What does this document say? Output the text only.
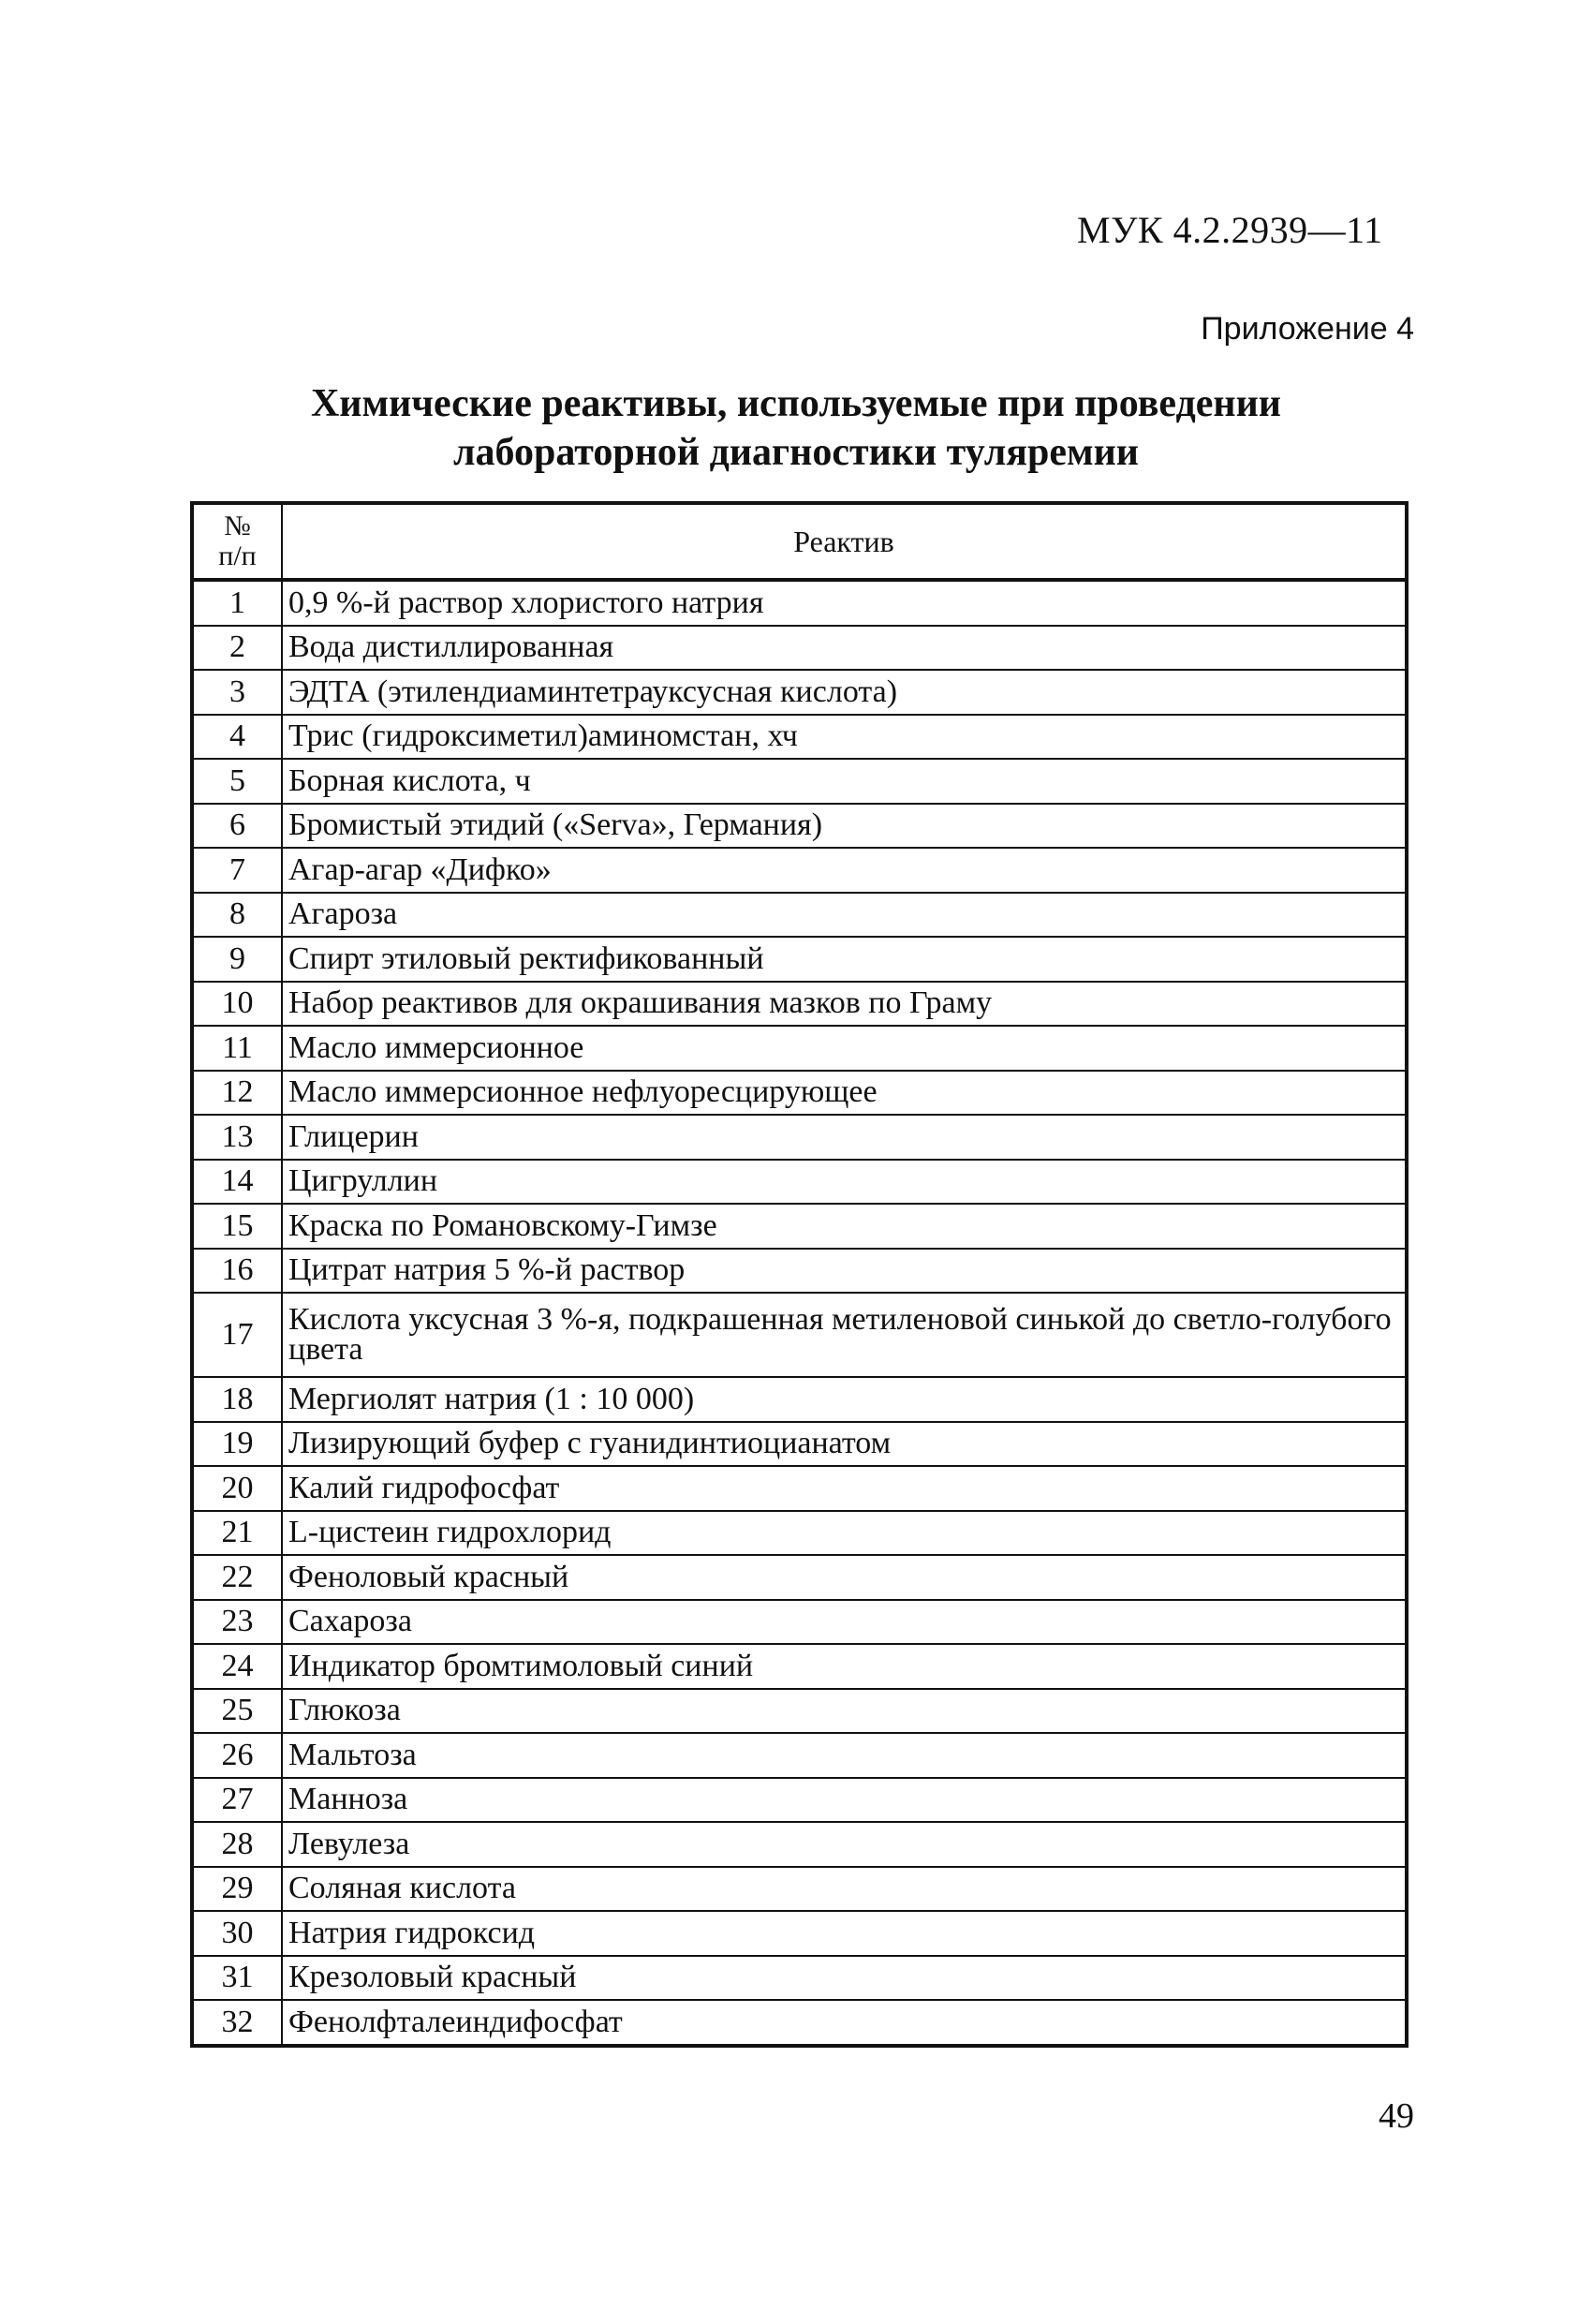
МУК 4.2.2939—11
Приложение 4
Химические реактивы, используемые при проведении
лабораторной диагностики туляремии
№
п/п	Реактив
1	0,9 %-й раствор хлористого натрия
2	Вода дистиллированная
3	ЭДТА (этилендиаминтетрауксусная кислота)
4	Трис (гидроксиметил)аминомстан, хч
5	Борная кислота, ч
6	Бромистый этидий («Serva», Германия)
7	Агар-агар «Дифко»
8	Агароза
9	Спирт этиловый ректификованный
10	Набор реактивов для окрашивания мазков по Граму
11	Масло иммерсионное
12	Масло иммерсионное нефлуоресцирующее
13	Глицерин
14	Цигруллин
15	Краска по Романовскому-Гимзе
16	Цитрат натрия 5 %-й раствор
17	Кислота уксусная 3 %-я, подкрашенная метиленовой синькой до светло-голубого цвета
18	Мергиолят натрия (1 : 10 000)
19	Лизирующий буфер с гуанидинтиоцианатом
20	Калий гидрофосфат
21	L-цистеин гидрохлорид
22	Феноловый красный
23	Сахароза
24	Индикатор бромтимоловый синий
25	Глюкоза
26	Мальтоза
27	Манноза
28	Левулеза
29	Соляная кислота
30	Натрия гидроксид
31	Крезоловый красный
32	Фенолфталеиндифосфат
49
